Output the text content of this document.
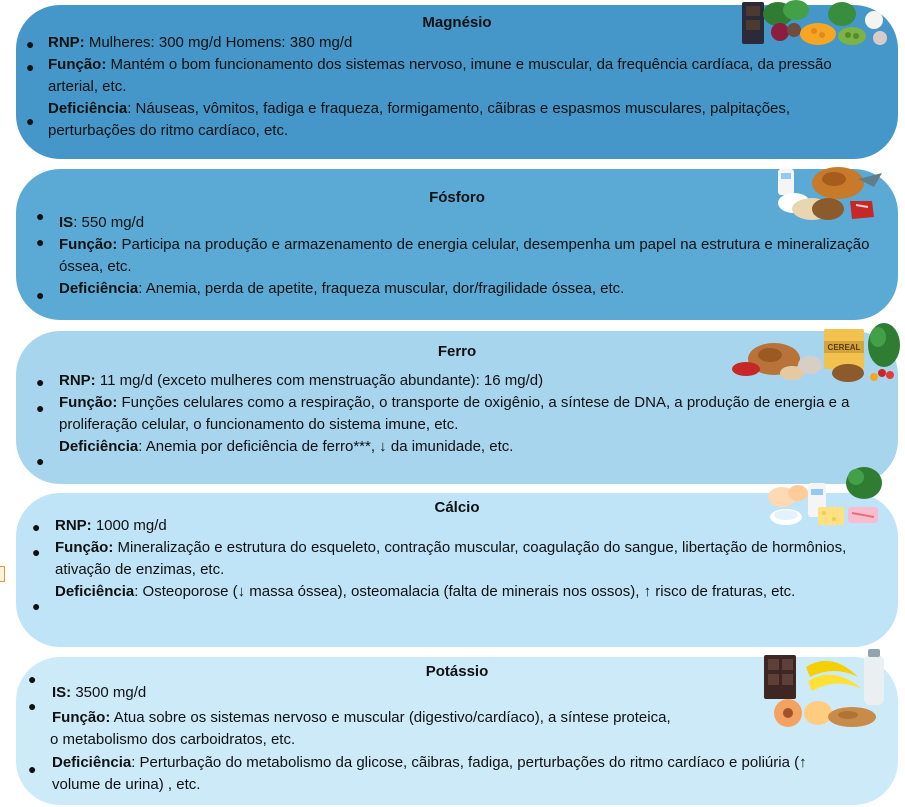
Magnésio
●
●
●
RNP: Mulheres: 300 mg/d Homens: 380 mg/d
Função: Mantém o bom funcionamento dos sistemas nervoso, imune e muscular, da frequência cardíaca, da pressão
arterial, etc.
Deficiência: Náuseas, vômitos, fadiga e fraqueza, formigamento, cãibras e espasmos musculares, palpitações,
perturbações do ritmo cardíaco, etc.
Fósforo
●
●
●
IS: 550 mg/d
Função: Participa na produção e armazenamento de energia celular, desempenha um papel na estrutura e mineralização
óssea, etc.
Deficiência: Anemia, perda de apetite, fraqueza muscular, dor/fragilidade óssea, etc.
Ferro
●
●
●
RNP: 11 mg/d (exceto mulheres com menstruação abundante): 16 mg/d)
Função: Funções celulares como a respiração, o transporte de oxigênio, a síntese de DNA, a produção de energia e a
proliferação celular, o funcionamento do sistema imune, etc.
Deficiência: Anemia por deficiência de ferro***, ↓ da imunidade, etc.
CEREAL
Cálcio
●
●
●
RNP: 1000 mg/d
Função: Mineralização e estrutura do esqueleto, contração muscular, coagulação do sangue, libertação de hormônios,
ativação de enzimas, etc.
Deficiência: Osteoporose (↓ massa óssea), osteomalacia (falta de minerais nos ossos), ↑ risco de fraturas, etc.
Potássio
●
●
●
IS: 3500 mg/d
Função: Atua sobre os sistemas nervoso e muscular (digestivo/cardíaco), a síntese proteica,
o metabolismo dos carboidratos, etc.
Deficiência: Perturbação do metabolismo da glicose, cãibras, fadiga, perturbações do ritmo cardíaco e poliúria (↑
volume de urina) , etc.
